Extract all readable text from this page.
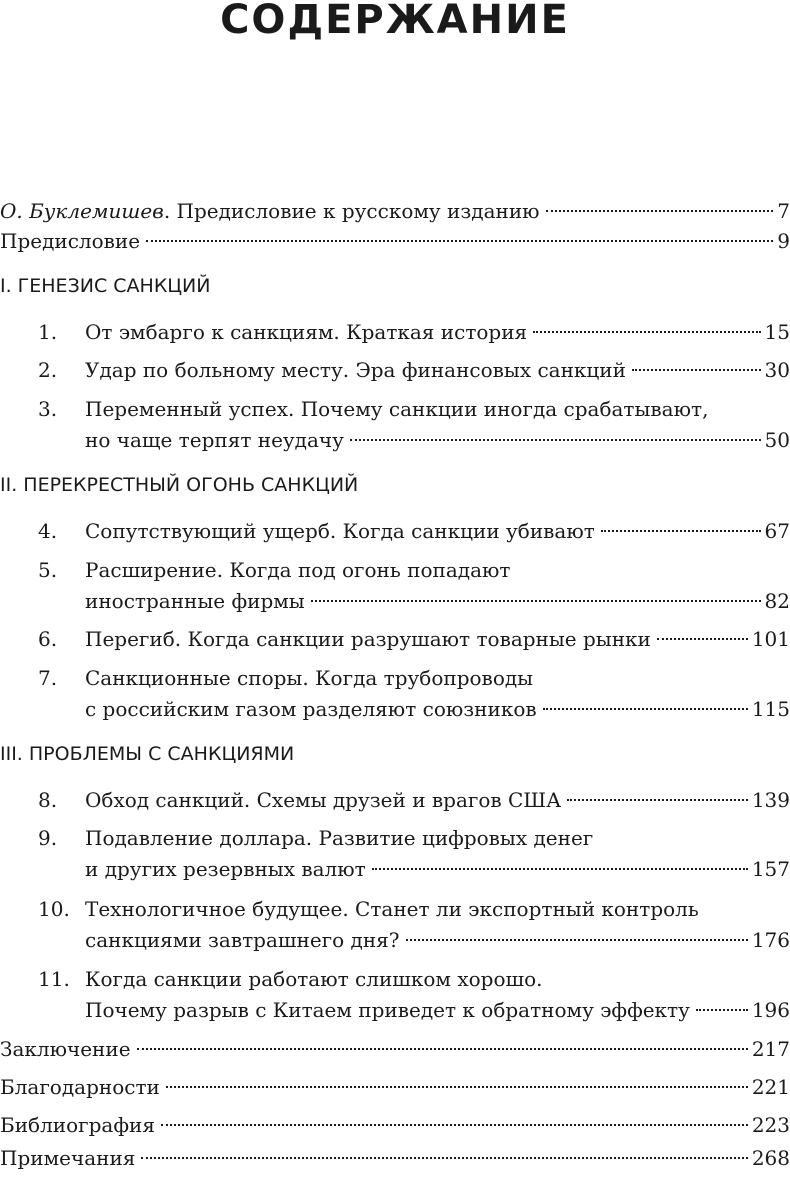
СОДЕРЖАНИЕ
О. Буклемишев. Предисловие к русскому изданию	7
Предисловие	9
I. ГЕНЕЗИС САНКЦИЙ
1. От эмбарго к санкциям. Краткая история	15
2. Удар по больному месту. Эра финансовых санкций	30
3. Переменный успех. Почему санкции иногда срабатывают,
но чаще терпят неудачу	50
II. ПЕРЕКРЕСТНЫЙ ОГОНЬ САНКЦИЙ
4. Сопутствующий ущерб. Когда санкции убивают	67
5. Расширение. Когда под огонь попадают
иностранные фирмы	82
6. Перегиб. Когда санкции разрушают товарные рынки	101
7. Санкционные споры. Когда трубопроводы
с российским газом разделяют союзников	115
III. ПРОБЛЕМЫ С САНКЦИЯМИ
8. Обход санкций. Схемы друзей и врагов США	139
9. Подавление доллара. Развитие цифровых денег
и других резервных валют	157
10. Технологичное будущее. Станет ли экспортный контроль
санкциями завтрашнего дня?	176
11. Когда санкции работают слишком хорошо.
Почему разрыв с Китаем приведет к обратному эффекту	196
Заключение	217
Благодарности	221
Библиография	223
Примечания	268
